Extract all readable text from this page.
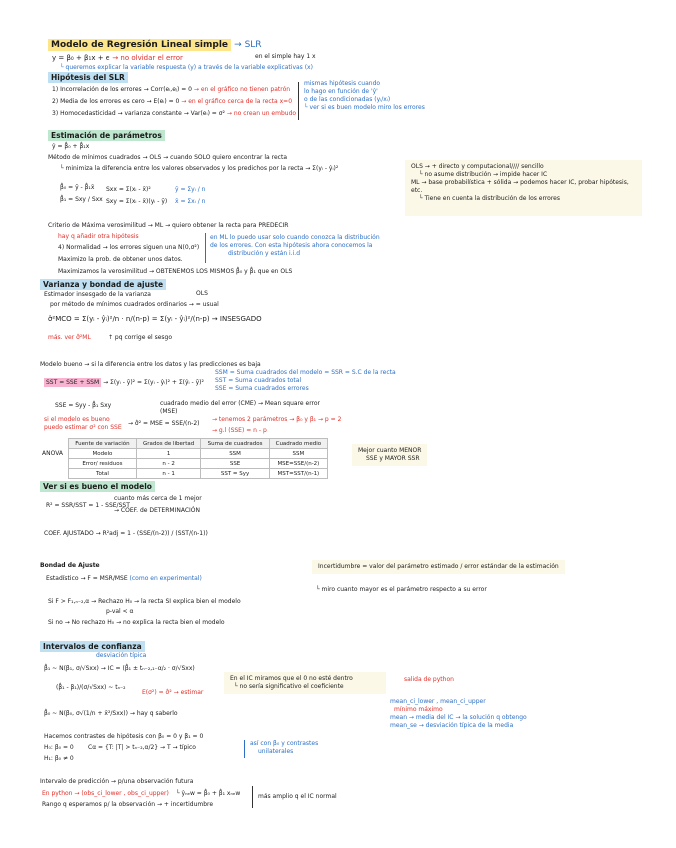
Modelo de Regresión Lineal simple → SLR
y = β₀ + β₁x + ϵ → no olvidar el error	en el simple hay 1 x
└ queremos explicar la variable respuesta (y) a través de la variable explicativas (x)
Hipótesis del SLR
1) Incorrelación de los errores → Corr(eᵢ,eⱼ) = 0 → en el gráfico no tienen patrón
2) Media de los errores es cero → E(eᵢ) = 0 → en el gráfico cerca de la recta x=0
3) Homocedasticidad → varianza constante → Var(eᵢ) = σ² → no crean un embudo
mismas hipótesis cuando
lo hago en función de 'ŷ'
o de las condicionadas (yᵢ/xᵢ)
└ ver si es buen modelo miro los errores
Estimación de parámetros
ŷ = β̂₀ + β̂₁x
Método de mínimos cuadrados → OLS → cuando SOLO quiero encontrar la recta
└ minimiza la diferencia entre los valores observados y los predichos por la recta → Σ(yᵢ - ŷᵢ)²
β̂₀ = ȳ - β̂₁x̄
β̂₁ = Sxy / Sxx
Sxx = Σ(xᵢ - x̄)²
Sxy = Σ(xᵢ - x̄)(yᵢ - ȳ)
ȳ = Σyᵢ / n
x̄ = Σxᵢ / n
OLS → + directo y computacional//// sencillo
└ no asume distribución → impide hacer IC
ML → base probabilística + sólida → podemos hacer IC, probar hipótesis, etc.
└ Tiene en cuenta la distribución de los errores
Criterio de Máxima verosimilitud → ML → quiero obtener la recta para PREDECIR
hay q añadir otra hipótesis
4) Normalidad → los errores siguen una N(0,σ²)
Maximizo la prob. de obtener unos datos.
Maximizamos la verosimilitud → OBTENEMOS LOS MISMOS β̂₀ y β̂₁ que en OLS
en ML lo puedo usar solo cuando conozca la distribución
de los errores. Con esta hipótesis ahora conocemos la
distribución y están i.i.d
Varianza y bondad de ajuste
Estimador insesgado de la varianza	OLS
por método de mínimos cuadrados ordinarios → = usual
σ̂²MCO = Σ(yᵢ - ŷᵢ)²/n · n/(n-p) = Σ(yᵢ - ŷᵢ)²/(n-p) → INSESGADO
más. ver σ̂²ML	↑ pq corrige el sesgo
Modelo bueno → si la diferencia entre los datos y las predicciones es baja
SST = SSE + SSM → Σ(yᵢ - ȳ)² = Σ(yᵢ - ŷᵢ)² + Σ(ŷᵢ - ȳ)²
SSM = Suma cuadrados del modelo = SSR = S.C de la recta
SST = Suma cuadrados total
SSE = Suma cuadrados errores
SSE = Syy - β̂₁ Sxy	cuadrado medio del error (CME) → Mean square error (MSE)
si el modelo es bueno puedo estimar σ² con SSE
→ σ̂² = MSE = SSE/(n-2)
→ tenemos 2 parámetros → β₀ y β₁ → p = 2
→ g.l (SSE) = n - p
ANOVA
Fuente de variación	Grados de libertad	Suma de cuadrados	Cuadrado medio
Modelo	1	SSM	SSM
Error/ residuos	n - 2	SSE	MSE=SSE/(n-2)
Total	n - 1	SST = Syy	MST=SST/(n-1)
Mejor cuanto MENOR
SSE y MAYOR SSR
Ver si es bueno el modelo
R² = SSR/SST = 1 - SSE/SST
cuanto más cerca de 1 mejor
→ COEF. de DETERMINACIÓN
COEF. AJUSTADO → R²adj = 1 - (SSE/(n-2)) / (SST/(n-1))
Bondad de Ajuste
Estadístico → F = MSR/MSE (como en experimental)
Si F > F₁,ₙ₋₂,α → Rechazo H₀ → la recta SI explica bien el modelo
p-val < α
Si no → No rechazo H₀ → no explica la recta bien el modelo
Incertidumbre = valor del parámetro estimado / error estándar de la estimación
└ miro cuanto mayor es el parámetro respecto a su error
Intervalos de confianza
desviación típica
β̂₁ ~ N(β₁, σ/√Sxx) → IC = (β̂₁ ± tₙ₋₂,₁₋α/₂ · σ/√Sxx)
(β̂₁ - β₁)/(σ/√Sxx) ~ tₙ₋₂
E(σ²) = σ̂² → estimar
β̂₀ ~ N(β₀, σ√(1/n + x̄²/Sxx)) → hay q saberlo
En el IC miramos que el 0 no esté dentro
└ no sería significativo el coeficiente
salida de python
mean_ci_lower , mean_ci_upper
mínimo máximo
mean → media del IC → la solución q obtengo
mean_se → desviación típica de la media
Hacemos contrastes de hipótesis con β₀ = 0 y β₁ = 0
H₀: β₀ = 0
H₁: β₀ ≠ 0
Cα = {T: |T| > tₙ₋₂,α/2} → T → típico
así con β₀ y contrastes
unilaterales
Intervalo de predicción → p/una observación futura
En python → (obs_ci_lower , obs_ci_upper) └ ŷₙₑw = β̂₀ + β̂₁ xₙₑw
Rango q esperamos p/ la observación → + incertidumbre
más amplio q el IC normal
